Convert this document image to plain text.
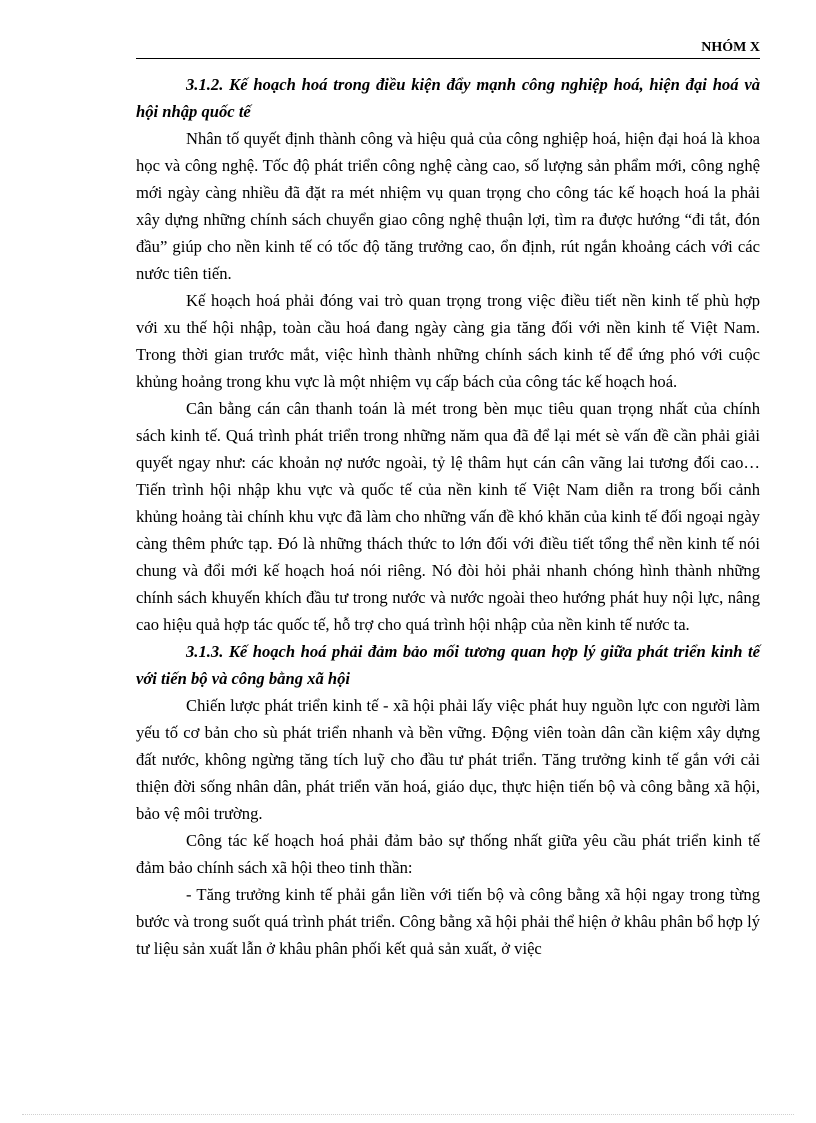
NHÓM X

3.1.2. Kế hoạch hoá trong điều kiện đẩy mạnh công nghiệp hoá, hiện đại hoá và hội nhập quốc tế

Nhân tố quyết định thành công và hiệu quả của công nghiệp hoá, hiện đại hoá là khoa học và công nghệ. Tốc độ phát triển công nghệ càng cao, số lượng sản phẩm mới, công nghệ mới ngày càng nhiều đã đặt ra mét nhiệm vụ quan trọng cho công tác kế hoạch hoá la phải xây dựng những chính sách chuyển giao công nghệ thuận lợi, tìm ra được hướng “đi tắt, đón đầu” giúp cho nền kinh tế có tốc độ tăng trưởng cao, ổn định, rút ngắn khoảng cách với các nước tiên tiến.

Kế hoạch hoá phải đóng vai trò quan trọng trong việc điều tiết nền kinh tế phù hợp với xu thế hội nhập, toàn cầu hoá đang ngày càng gia tăng đối với nền kinh tế Việt Nam. Trong thời gian trước mắt, việc hình thành những chính sách kinh tế để ứng phó với cuộc khủng hoảng trong khu vực là một nhiệm vụ cấp bách của công tác kế hoạch hoá.

Cân bằng cán cân thanh toán là mét trong bèn mục tiêu quan trọng nhất của chính sách kinh tế. Quá trình phát triển trong những năm qua đã để lại mét sè vấn đề cần phải giải quyết ngay như: các khoản nợ nước ngoài, tỷ lệ thâm hụt cán cân vãng lai tương đối cao… Tiến trình hội nhập khu vực và quốc tế của nền kinh tế Việt Nam diễn ra trong bối cảnh khủng hoảng tài chính khu vực đã làm cho những vấn đề khó khăn của kinh tế đối ngoại ngày càng thêm phức tạp. Đó là những thách thức to lớn đối với điều tiết tổng thể nền kinh tế nói chung và đổi mới kế hoạch hoá nói riêng. Nó đòi hỏi phải nhanh chóng hình thành những chính sách khuyến khích đầu tư trong nước và nước ngoài theo hướng phát huy nội lực, nâng cao hiệu quả hợp tác quốc tế, hỗ trợ cho quá trình hội nhập của nền kinh tế nước ta.

3.1.3. Kế hoạch hoá phải đảm bảo mối tương quan hợp lý giữa phát triển kinh tế với tiến bộ và công bằng xã hội

Chiến lược phát triển kinh tế - xã hội phải lấy việc phát huy nguồn lực con người làm yếu tố cơ bản cho sù phát triển nhanh và bền vững. Động viên toàn dân cần kiệm xây dựng đất nước, không ngừng tăng tích luỹ cho đầu tư phát triển. Tăng trưởng kinh tế gắn với cải thiện đời sống nhân dân, phát triển văn hoá, giáo dục, thực hiện tiến bộ và công bằng xã hội, bảo vệ môi trường.

Công tác kế hoạch hoá phải đảm bảo sự thống nhất giữa yêu cầu phát triển kinh tế đảm bảo chính sách xã hội theo tinh thần:

- Tăng trưởng kinh tế phải gắn liền với tiến bộ và công bằng xã hội ngay trong từng bước và trong suốt quá trình phát triển. Công bằng xã hội phải thể hiện ở khâu phân bổ hợp lý tư liệu sản xuất lẫn ở khâu phân phối kết quả sản xuất, ở việc
